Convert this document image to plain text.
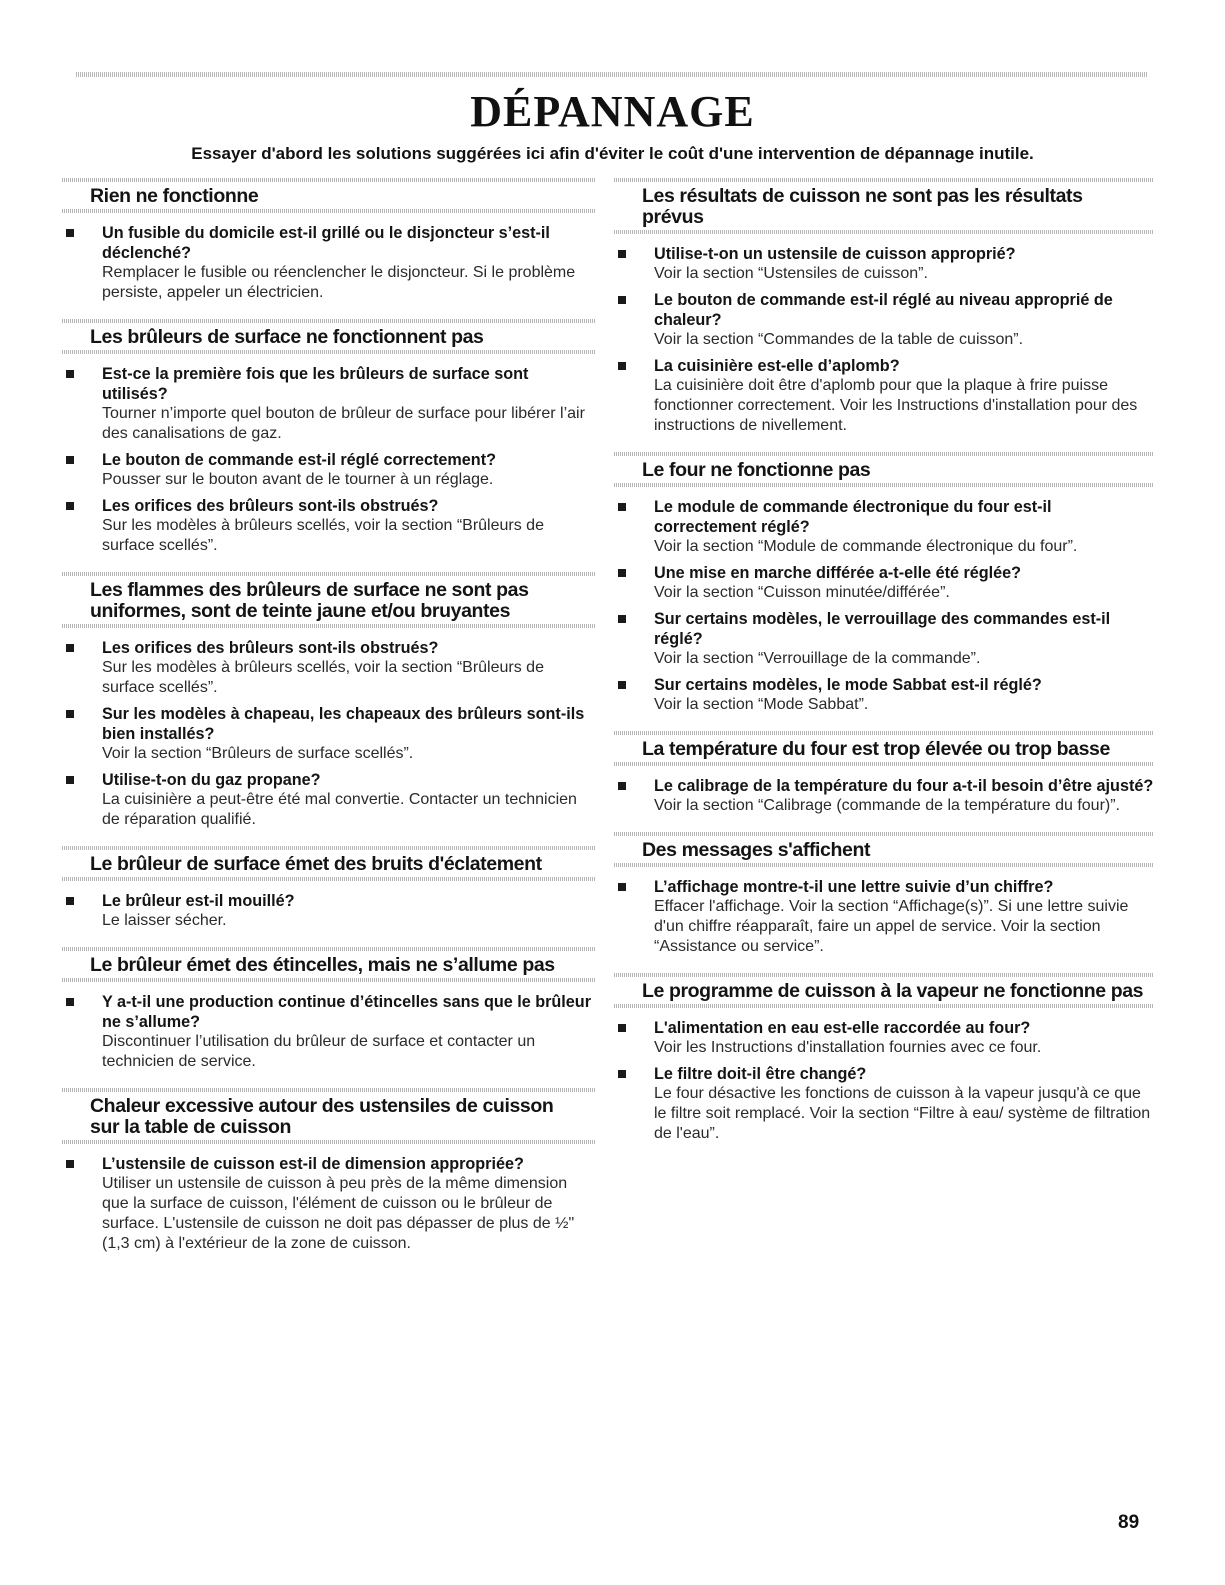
DÉPANNAGE
Essayer d'abord les solutions suggérées ici afin d'éviter le coût d'une intervention de dépannage inutile.
Rien ne fonctionne
Un fusible du domicile est-il grillé ou le disjoncteur s’est-il déclenché?
Remplacer le fusible ou réenclencher le disjoncteur. Si le problème persiste, appeler un électricien.
Les brûleurs de surface ne fonctionnent pas
Est-ce la première fois que les brûleurs de surface sont utilisés?
Tourner n’importe quel bouton de brûleur de surface pour libérer l’air des canalisations de gaz.
Le bouton de commande est-il réglé correctement?
Pousser sur le bouton avant de le tourner à un réglage.
Les orifices des brûleurs sont-ils obstrués?
Sur les modèles à brûleurs scellés, voir la section “Brûleurs de surface scellés”.
Les flammes des brûleurs de surface ne sont pas uniformes, sont de teinte jaune et/ou bruyantes
Les orifices des brûleurs sont-ils obstrués?
Sur les modèles à brûleurs scellés, voir la section “Brûleurs de surface scellés”.
Sur les modèles à chapeau, les chapeaux des brûleurs sont-ils bien installés?
Voir la section “Brûleurs de surface scellés”.
Utilise-t-on du gaz propane?
La cuisinière a peut-être été mal convertie. Contacter un technicien de réparation qualifié.
Le brûleur de surface émet des bruits d'éclatement
Le brûleur est-il mouillé?
Le laisser sécher.
Le brûleur émet des étincelles, mais ne s’allume pas
Y a-t-il une production continue d’étincelles sans que le brûleur ne s’allume?
Discontinuer l’utilisation du brûleur de surface et contacter un technicien de service.
Chaleur excessive autour des ustensiles de cuisson sur la table de cuisson
L’ustensile de cuisson est-il de dimension appropriée?
Utiliser un ustensile de cuisson à peu près de la même dimension que la surface de cuisson, l'élément de cuisson ou le brûleur de surface. L'ustensile de cuisson ne doit pas dépasser de plus de ½" (1,3 cm) à l'extérieur de la zone de cuisson.
Les résultats de cuisson ne sont pas les résultats prévus
Utilise-t-on un ustensile de cuisson approprié?
Voir la section “Ustensiles de cuisson”.
Le bouton de commande est-il réglé au niveau approprié de chaleur?
Voir la section “Commandes de la table de cuisson”.
La cuisinière est-elle d’aplomb?
La cuisinière doit être d'aplomb pour que la plaque à frire puisse fonctionner correctement. Voir les Instructions d'installation pour des instructions de nivellement.
Le four ne fonctionne pas
Le module de commande électronique du four est-il correctement réglé?
Voir la section “Module de commande électronique du four”.
Une mise en marche différée a-t-elle été réglée?
Voir la section “Cuisson minutée/différée”.
Sur certains modèles, le verrouillage des commandes est-il réglé?
Voir la section “Verrouillage de la commande”.
Sur certains modèles, le mode Sabbat est-il réglé?
Voir la section “Mode Sabbat”.
La température du four est trop élevée ou trop basse
Le calibrage de la température du four a-t-il besoin d’être ajusté?
Voir la section “Calibrage (commande de la température du four)”.
Des messages s'affichent
L’affichage montre-t-il une lettre suivie d’un chiffre?
Effacer l'affichage. Voir la section “Affichage(s)”. Si une lettre suivie d'un chiffre réapparaît, faire un appel de service. Voir la section “Assistance ou service”.
Le programme de cuisson à la vapeur ne fonctionne pas
L'alimentation en eau est-elle raccordée au four?
Voir les Instructions d'installation fournies avec ce four.
Le filtre doit-il être changé?
Le four désactive les fonctions de cuisson à la vapeur jusqu'à ce que le filtre soit remplacé. Voir la section “Filtre à eau/ système de filtration de l'eau”.
89
